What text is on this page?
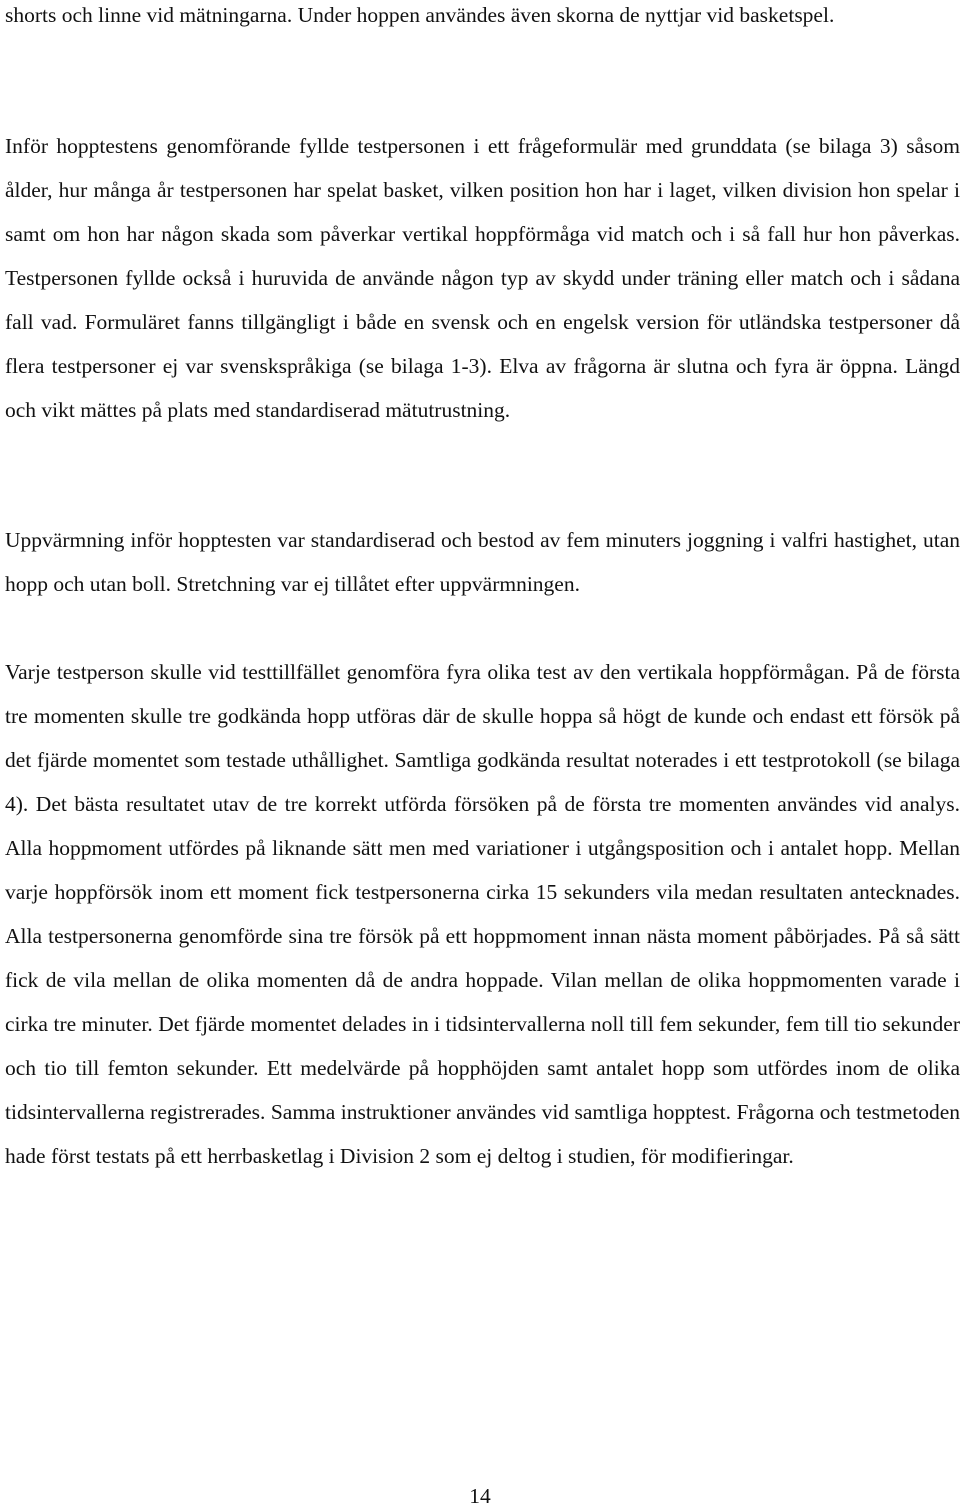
shorts och linne vid mätningarna. Under hoppen användes även skorna de nyttjar vid basketspel.

Inför hopptestens genomförande fyllde testpersonen i ett frågeformulär med grunddata (se bilaga 3) såsom ålder, hur många år testpersonen har spelat basket, vilken position hon har i laget, vilken division hon spelar i samt om hon har någon skada som påverkar vertikal hoppförmåga vid match och i så fall hur hon påverkas. Testpersonen fyllde också i huruvida de använde någon typ av skydd under träning eller match och i sådana fall vad. Formuläret fanns tillgängligt i både en svensk och en engelsk version för utländska testpersoner då flera testpersoner ej var svenskspråkiga (se bilaga 1-3). Elva av frågorna är slutna och fyra är öppna. Längd och vikt mättes på plats med standardiserad mätutrustning.

Uppvärmning inför hopptesten var standardiserad och bestod av fem minuters joggning i valfri hastighet, utan hopp och utan boll. Stretchning var ej tillåtet efter uppvärmningen.

Varje testperson skulle vid testtillfället genomföra fyra olika test av den vertikala hoppförmågan. På de första tre momenten skulle tre godkända hopp utföras där de skulle hoppa så högt de kunde och endast ett försök på det fjärde momentet som testade uthållighet. Samtliga godkända resultat noterades i ett testprotokoll (se bilaga 4). Det bästa resultatet utav de tre korrekt utförda försöken på de första tre momenten användes vid analys. Alla hoppmoment utfördes på liknande sätt men med variationer i utgångsposition och i antalet hopp. Mellan varje hoppförsök inom ett moment fick testpersonerna cirka 15 sekunders vila medan resultaten antecknades. Alla testpersonerna genomförde sina tre försök på ett hoppmoment innan nästa moment påbörjades. På så sätt fick de vila mellan de olika momenten då de andra hoppade. Vilan mellan de olika hoppmomenten varade i cirka tre minuter. Det fjärde momentet delades in i tidsintervallerna noll till fem sekunder, fem till tio sekunder och tio till femton sekunder. Ett medelvärde på hopphöjden samt antalet hopp som utfördes inom de olika tidsintervallerna registrerades. Samma instruktioner användes vid samtliga hopptest. Frågorna och testmetoden hade först testats på ett herrbasketlag i Division 2 som ej deltog i studien, för modifieringar.

14
